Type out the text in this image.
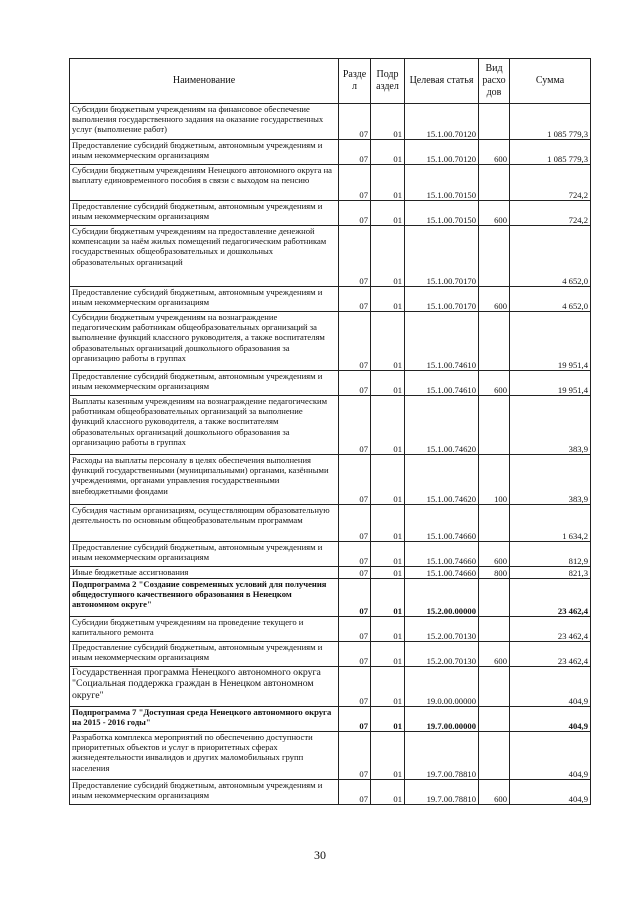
Наименование	Разде л	Подр аздел	Целевая статья	Вид расхо дов	Сумма
Субсидии бюджетным учреждениям на финансовое обеспечение выполнения государственного задания на оказание государственных услуг (выполнение работ)	07	01	15.1.00.70120		1 085 779,3
Предоставление субсидий бюджетным, автономным учреждениям и иным некоммерческим организациям	07	01	15.1.00.70120	600	1 085 779,3
Субсидии бюджетным учреждениям Ненецкого автономного округа на выплату единовременного пособия в связи с выходом на пенсию	07	01	15.1.00.70150		724,2
Предоставление субсидий бюджетным, автономным учреждениям и иным некоммерческим организациям	07	01	15.1.00.70150	600	724,2
Субсидии бюджетным учреждениям на предоставление денежной компенсации за наём жилых помещений педагогическим работникам государственных общеобразовательных и дошкольных образовательных организаций	07	01	15.1.00.70170		4 652,0
Предоставление субсидий бюджетным, автономным учреждениям и иным некоммерческим организациям	07	01	15.1.00.70170	600	4 652,0
Субсидии бюджетным учреждениям на вознаграждение педагогическим работникам общеобразовательных организаций за выполнение функций классного руководителя, а также воспитателям образовательных организаций дошкольного образования за организацию работы в группах	07	01	15.1.00.74610		19 951,4
Предоставление субсидий бюджетным, автономным учреждениям и иным некоммерческим организациям	07	01	15.1.00.74610	600	19 951,4
Выплаты казенным учреждениям на вознаграждение педагогическим работникам общеобразовательных организаций за выполнение функций классного руководителя, а также воспитателям образовательных организаций дошкольного образования за организацию работы в группах	07	01	15.1.00.74620		383,9
Расходы на выплаты персоналу в целях обеспечения выполнения функций государственными (муниципальными) органами, казёнными учреждениями, органами управления государственными внебюджетными фондами	07	01	15.1.00.74620	100	383,9
Субсидия частным организациям, осуществляющим образовательную деятельность по основным общеобразовательным программам	07	01	15.1.00.74660		1 634,2
Предоставление субсидий бюджетным, автономным учреждениям и иным некоммерческим организациям	07	01	15.1.00.74660	600	812,9
Иные бюджетные ассигнования	07	01	15.1.00.74660	800	821,3
Подпрограмма 2 "Создание современных условий для получения общедоступного качественного образования в Ненецком автономном округе"	07	01	15.2.00.00000		23 462,4
Субсидии бюджетным учреждениям на проведение текущего и капитального ремонта	07	01	15.2.00.70130		23 462,4
Предоставление субсидий бюджетным, автономным учреждениям и иным некоммерческим организациям	07	01	15.2.00.70130	600	23 462,4
Государственная программа Ненецкого автономного округа "Социальная поддержка граждан в Ненецком автономном округе"	07	01	19.0.00.00000		404,9
Подпрограмма 7 "Доступная среда Ненецкого автономного округа на 2015 - 2016 годы"	07	01	19.7.00.00000		404,9
Разработка комплекса мероприятий по обеспечению доступности приоритетных объектов и услуг в приоритетных сферах жизнедеятельности инвалидов и других маломобильных групп населения	07	01	19.7.00.78810		404,9
Предоставление субсидий бюджетным, автономным учреждениям и иным некоммерческим организациям	07	01	19.7.00.78810	600	404,9
30
